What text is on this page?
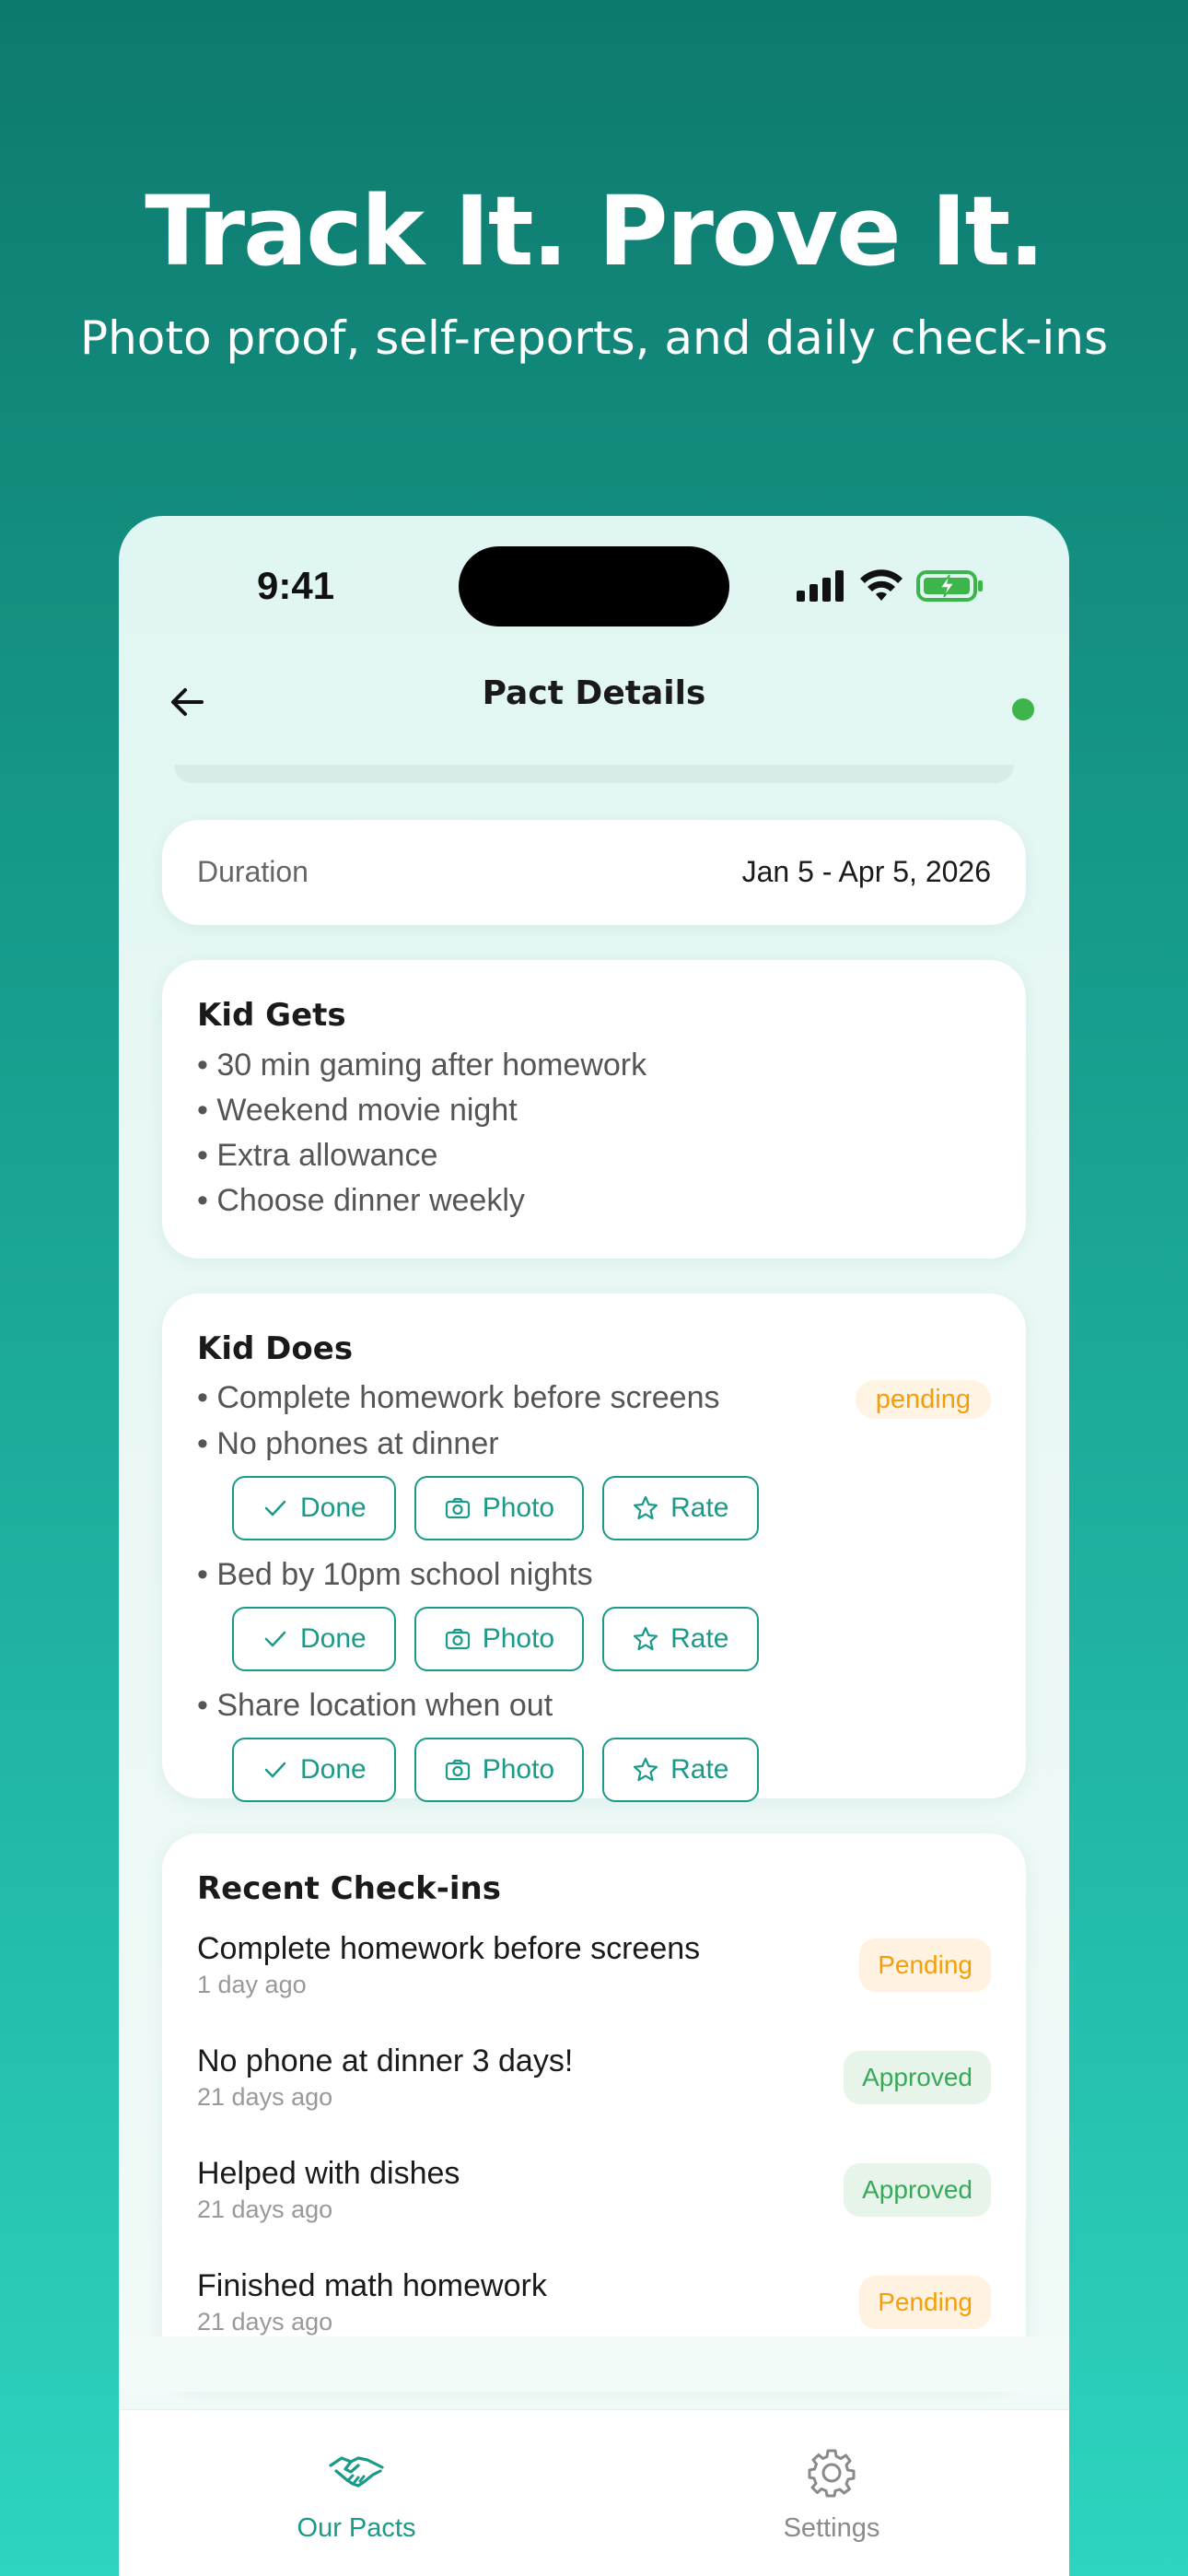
Track It. Prove It.
Photo proof, self-reports, and daily check-ins
9:41
Pact Details
Duration	Jan 5 - Apr 5, 2026
Kid Gets
• 30 min gaming after homework
• Weekend movie night
• Extra allowance
• Choose dinner weekly
Kid Does
• Complete homework before screens	pending
• No phones at dinner
Done	Photo	Rate
• Bed by 10pm school nights
Done	Photo	Rate
• Share location when out
Done	Photo	Rate
Recent Check-ins
Complete homework before screens
1 day ago
Pending
No phone at dinner 3 days!
21 days ago
Approved
Helped with dishes
21 days ago
Approved
Finished math homework
21 days ago
Pending
Our Pacts	Settings
